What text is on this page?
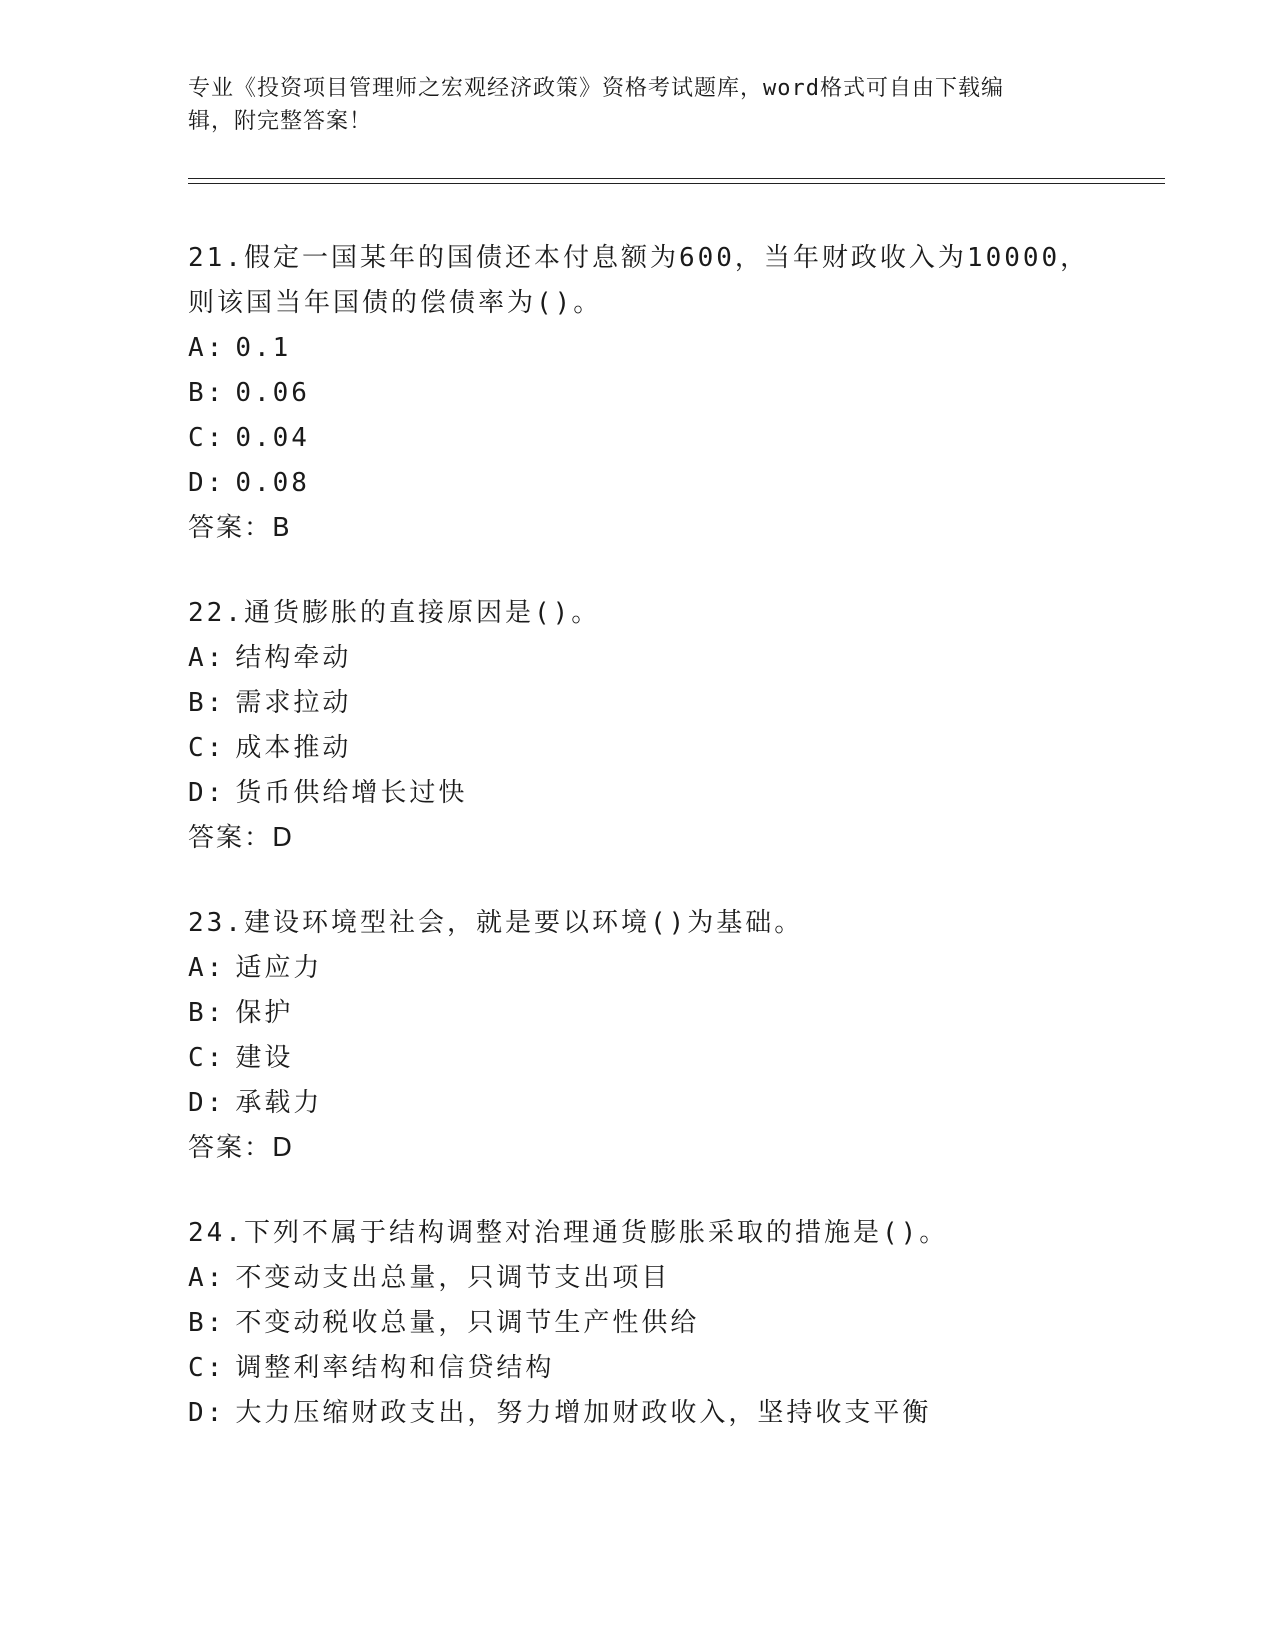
专业《投资项目管理师之宏观经济政策》资格考试题库，word格式可自由下载编
辑，附完整答案！
21.假定一国某年的国债还本付息额为600，当年财政收入为10000，
则该国当年国债的偿债率为()。
A: 0.1
B: 0.06
C: 0.04
D: 0.08
答案：B
22.通货膨胀的直接原因是()。
A: 结构牵动
B: 需求拉动
C: 成本推动
D: 货币供给增长过快
答案：D
23.建设环境型社会，就是要以环境()为基础。
A: 适应力
B: 保护
C: 建设
D: 承载力
答案：D
24.下列不属于结构调整对治理通货膨胀采取的措施是()。
A: 不变动支出总量，只调节支出项目
B: 不变动税收总量，只调节生产性供给
C: 调整利率结构和信贷结构
D: 大力压缩财政支出，努力增加财政收入，坚持收支平衡
